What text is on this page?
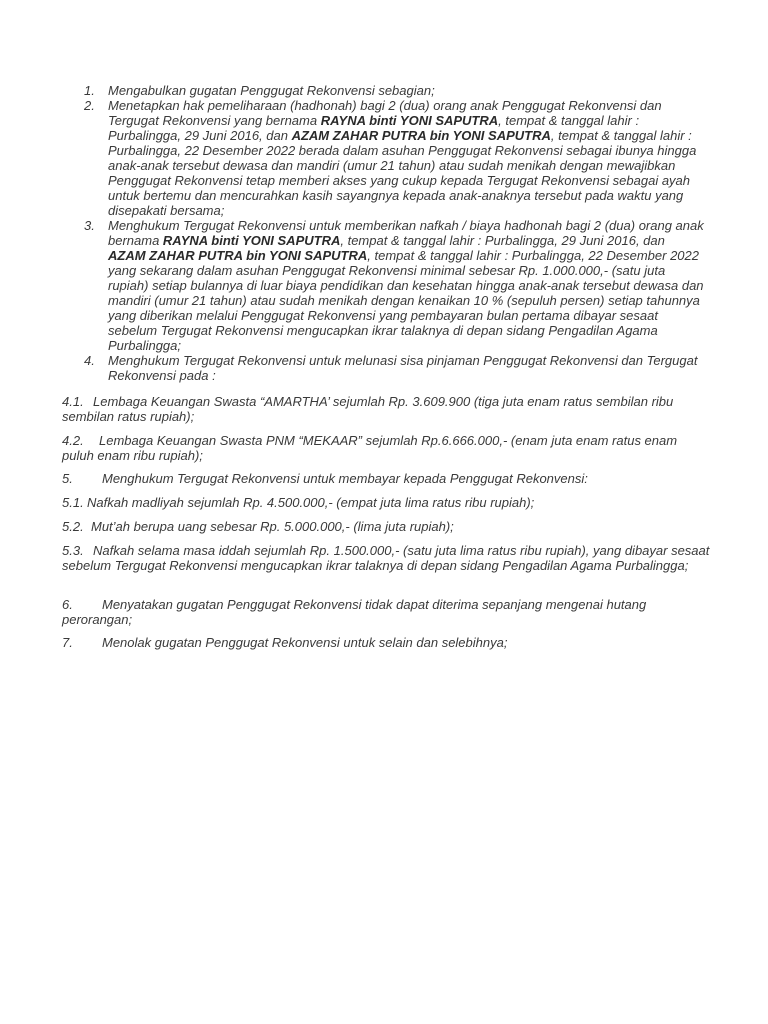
1. Mengabulkan gugatan Penggugat Rekonvensi sebagian;
2. Menetapkan hak pemeliharaan (hadhonah) bagi 2 (dua) orang anak Penggugat Rekonvensi dan Tergugat Rekonvensi yang bernama RAYNA binti YONI SAPUTRA, tempat & tanggal lahir : Purbalingga, 29 Juni 2016, dan AZAM ZAHAR PUTRA bin YONI SAPUTRA, tempat & tanggal lahir : Purbalingga, 22 Desember 2022 berada dalam asuhan Penggugat Rekonvensi sebagai ibunya hingga anak-anak tersebut dewasa dan mandiri (umur 21 tahun) atau sudah menikah dengan mewajibkan Penggugat Rekonvensi tetap memberi akses yang cukup kepada Tergugat Rekonvensi sebagai ayah untuk bertemu dan mencurahkan kasih sayangnya kepada anak-anaknya tersebut pada waktu yang disepakati bersama;
3. Menghukum Tergugat Rekonvensi untuk memberikan nafkah / biaya hadhonah bagi 2 (dua) orang anak bernama RAYNA binti YONI SAPUTRA, tempat & tanggal lahir : Purbalingga, 29 Juni 2016, dan AZAM ZAHAR PUTRA bin YONI SAPUTRA, tempat & tanggal lahir : Purbalingga, 22 Desember 2022 yang sekarang dalam asuhan Penggugat Rekonvensi minimal sebesar Rp. 1.000.000,- (satu juta rupiah) setiap bulannya di luar biaya pendidikan dan kesehatan hingga anak-anak tersebut dewasa dan mandiri (umur 21 tahun) atau sudah menikah dengan kenaikan 10 % (sepuluh persen) setiap tahunnya yang diberikan melalui Penggugat Rekonvensi yang pembayaran bulan pertama dibayar sesaat sebelum Tergugat Rekonvensi mengucapkan ikrar talaknya di depan sidang Pengadilan Agama Purbalingga;
4. Menghukum Tergugat Rekonvensi untuk melunasi sisa pinjaman Penggugat Rekonvensi dan Tergugat Rekonvensi pada :
4.1. Lembaga Keuangan Swasta “AMARTHA’ sejumlah Rp. 3.609.900 (tiga juta enam ratus sembilan ribu sembilan ratus rupiah);
4.2. Lembaga Keuangan Swasta PNM “MEKAAR” sejumlah Rp.6.666.000,- (enam juta enam ratus enam puluh enam ribu rupiah);
5. Menghukum Tergugat Rekonvensi untuk membayar kepada Penggugat Rekonvensi:
5.1. Nafkah madliyah sejumlah Rp. 4.500.000,- (empat juta lima ratus ribu rupiah);
5.2. Mut’ah berupa uang sebesar Rp. 5.000.000,- (lima juta rupiah);
5.3. Nafkah selama masa iddah sejumlah Rp. 1.500.000,- (satu juta lima ratus ribu rupiah), yang dibayar sesaat sebelum Tergugat Rekonvensi mengucapkan ikrar talaknya di depan sidang Pengadilan Agama Purbalingga;
6. Menyatakan gugatan Penggugat Rekonvensi tidak dapat diterima sepanjang mengenai hutang perorangan;
7. Menolak gugatan Penggugat Rekonvensi untuk selain dan selebihnya;
